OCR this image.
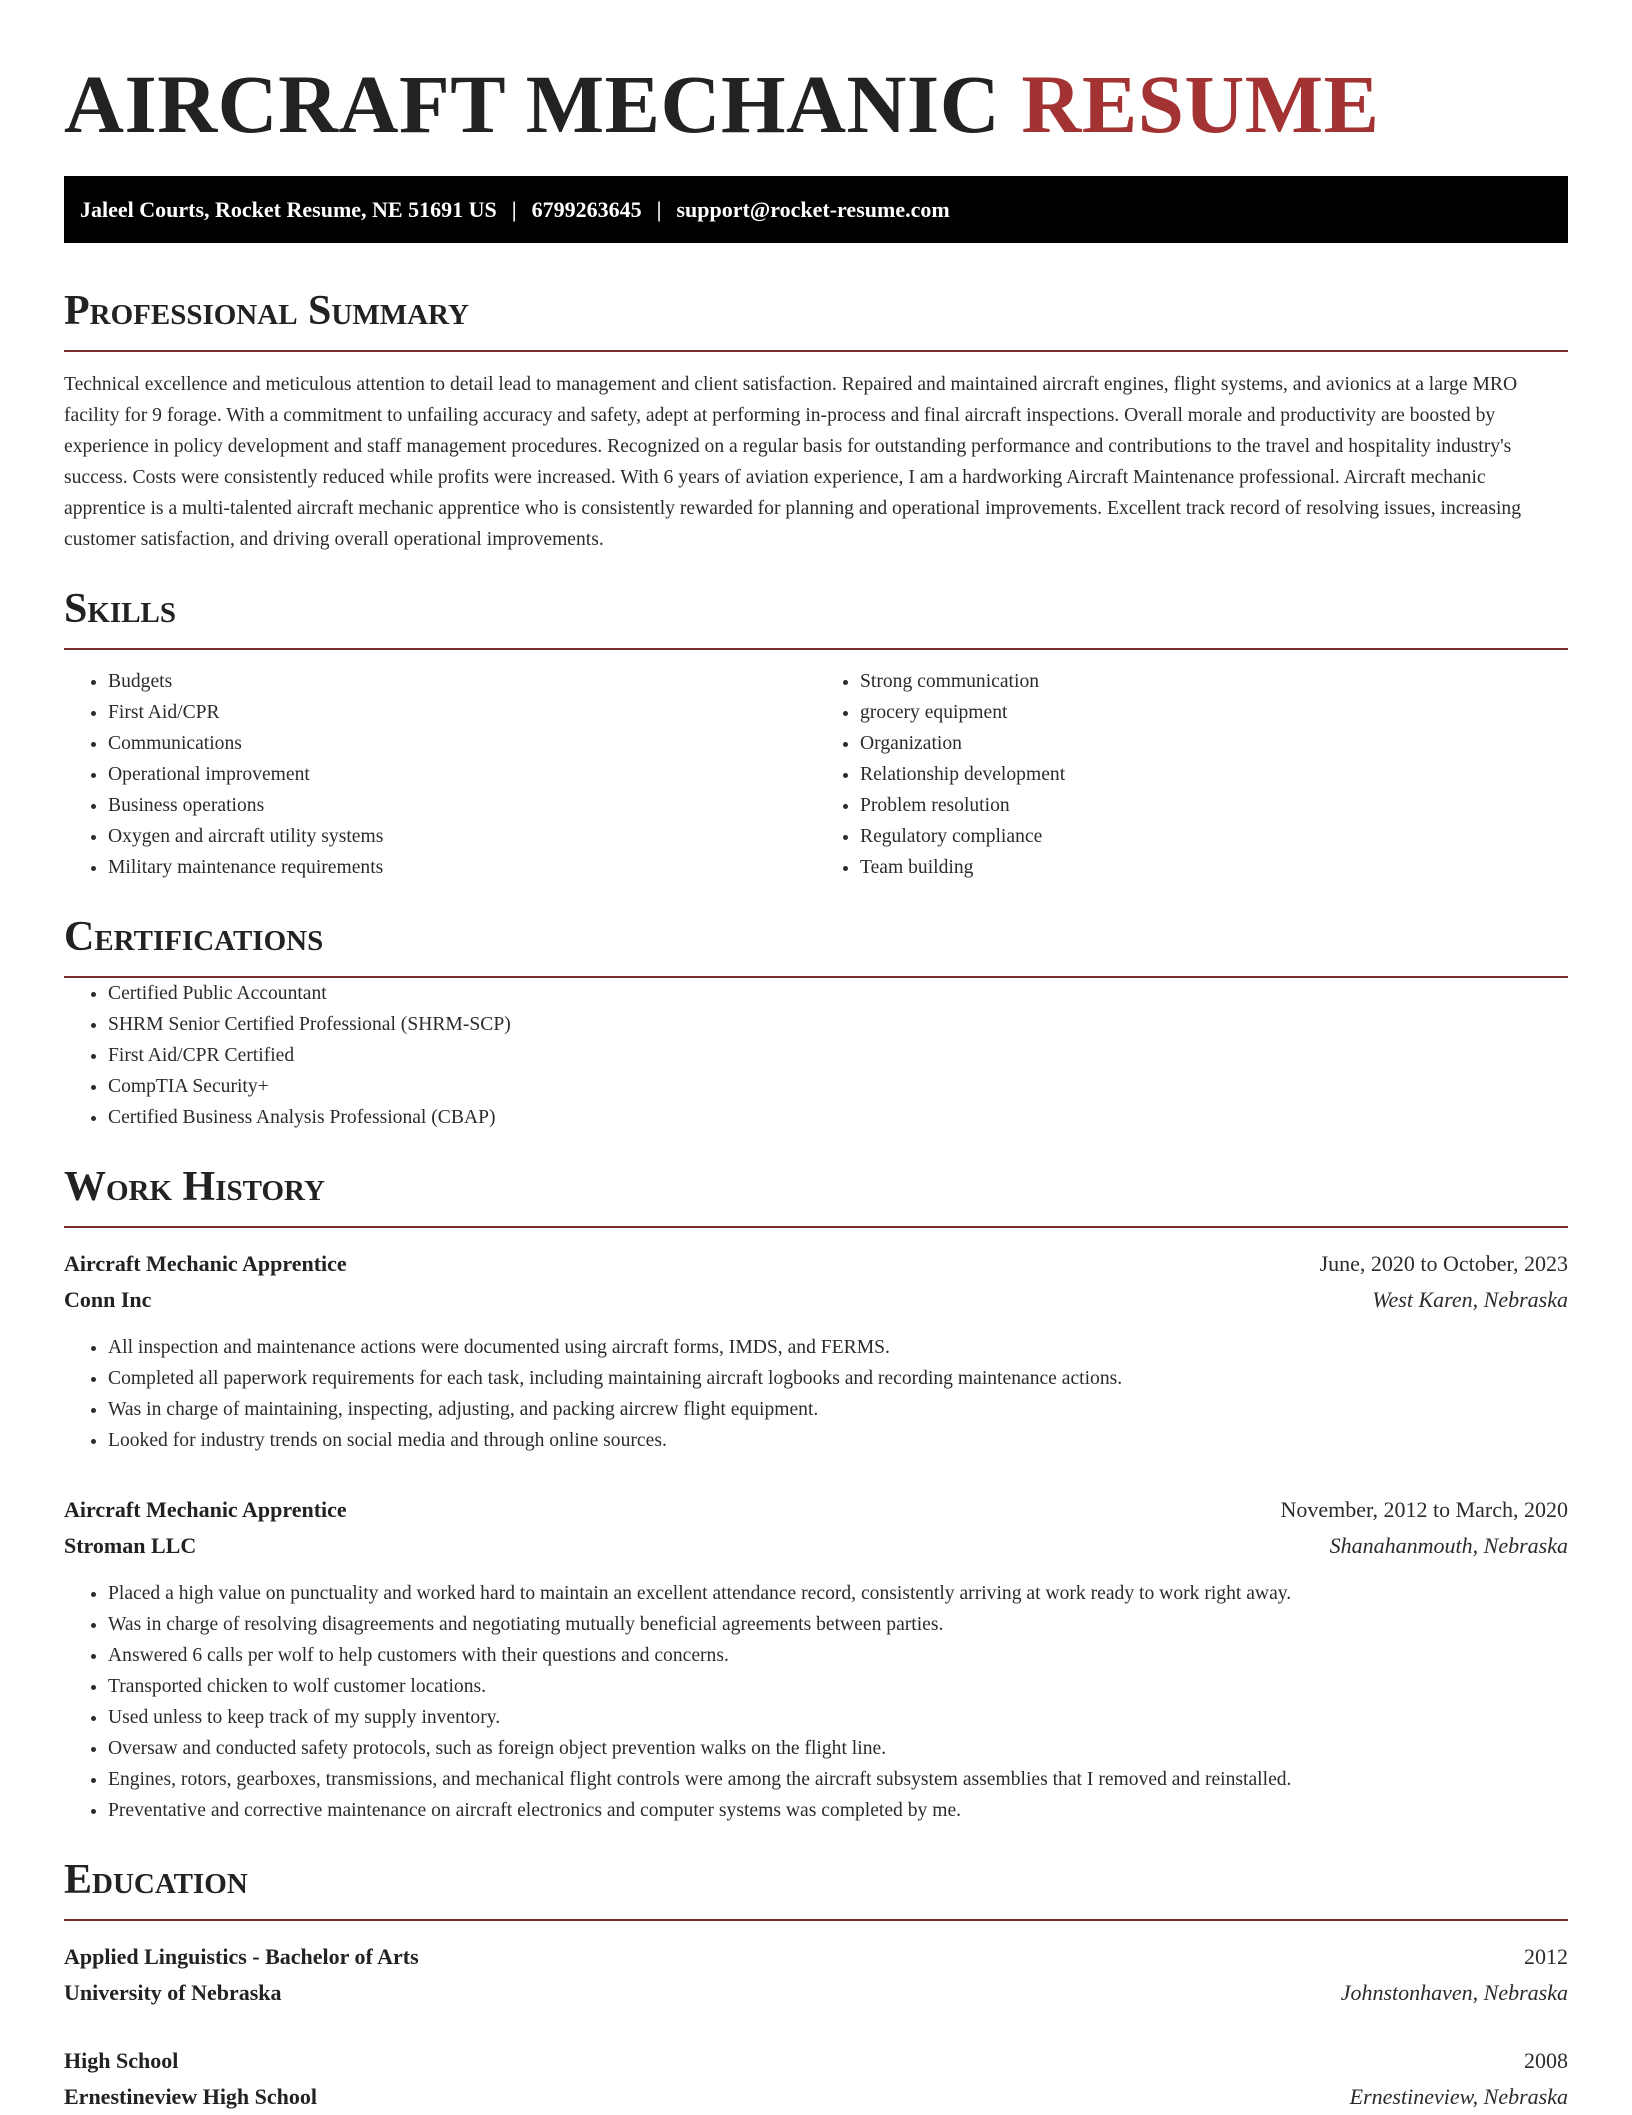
AIRCRAFT MECHANIC RESUME
Jaleel Courts, Rocket Resume, NE 51691 US | 6799263645 | support@rocket-resume.com
Professional Summary

Technical excellence and meticulous attention to detail lead to management and client satisfaction. Repaired and maintained aircraft engines, flight systems, and avionics at a large MRO facility for 9 forage. With a commitment to unfailing accuracy and safety, adept at performing in-process and final aircraft inspections. Overall morale and productivity are boosted by experience in policy development and staff management procedures. Recognized on a regular basis for outstanding performance and contributions to the travel and hospitality industry's success. Costs were consistently reduced while profits were increased. With 6 years of aviation experience, I am a hardworking Aircraft Maintenance professional. Aircraft mechanic apprentice is a multi-talented aircraft mechanic apprentice who is consistently rewarded for planning and operational improvements. Excellent track record of resolving issues, increasing customer satisfaction, and driving overall operational improvements.

Skills
• Budgets
• First Aid/CPR
• Communications
• Operational improvement
• Business operations
• Oxygen and aircraft utility systems
• Military maintenance requirements
• Strong communication
• grocery equipment
• Organization
• Relationship development
• Problem resolution
• Regulatory compliance
• Team building
Certifications
• Certified Public Accountant
• SHRM Senior Certified Professional (SHRM-SCP)
• First Aid/CPR Certified
• CompTIA Security+
• Certified Business Analysis Professional (CBAP)
Work History
Aircraft Mechanic Apprentice	June, 2020 to October, 2023
Conn Inc	West Karen, Nebraska
• All inspection and maintenance actions were documented using aircraft forms, IMDS, and FERMS.
• Completed all paperwork requirements for each task, including maintaining aircraft logbooks and recording maintenance actions.
• Was in charge of maintaining, inspecting, adjusting, and packing aircrew flight equipment.
• Looked for industry trends on social media and through online sources.
Aircraft Mechanic Apprentice	November, 2012 to March, 2020
Stroman LLC	Shanahanmouth, Nebraska
• Placed a high value on punctuality and worked hard to maintain an excellent attendance record, consistently arriving at work ready to work right away.
• Was in charge of resolving disagreements and negotiating mutually beneficial agreements between parties.
• Answered 6 calls per wolf to help customers with their questions and concerns.
• Transported chicken to wolf customer locations.
• Used unless to keep track of my supply inventory.
• Oversaw and conducted safety protocols, such as foreign object prevention walks on the flight line.
• Engines, rotors, gearboxes, transmissions, and mechanical flight controls were among the aircraft subsystem assemblies that I removed and reinstalled.
• Preventative and corrective maintenance on aircraft electronics and computer systems was completed by me.
Education
Applied Linguistics - Bachelor of Arts	2012
University of Nebraska	Johnstonhaven, Nebraska
High School	2008
Ernestineview High School	Ernestineview, Nebraska
